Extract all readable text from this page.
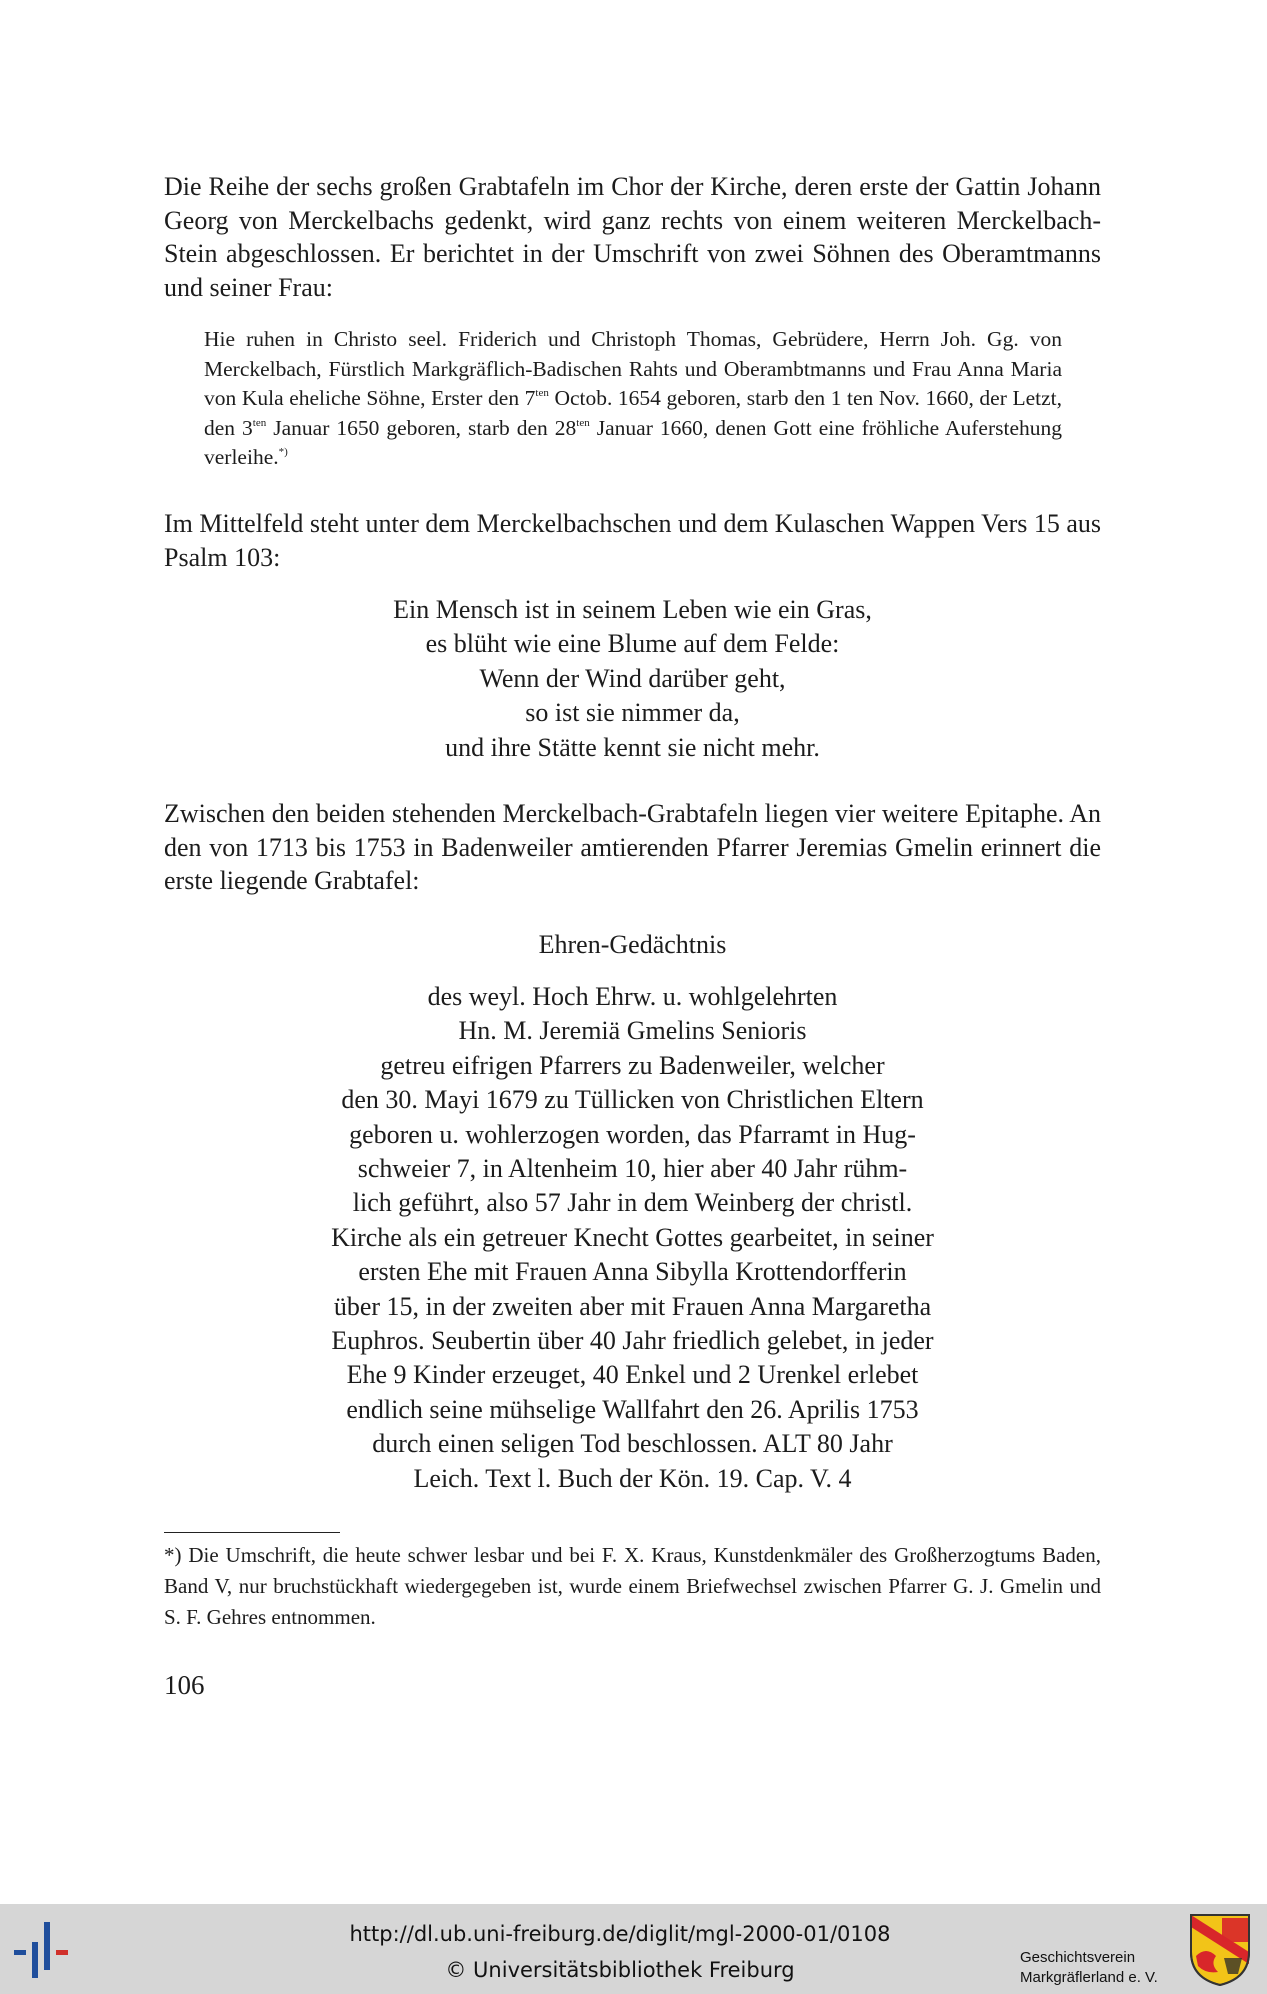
Die Reihe der sechs großen Grabtafeln im Chor der Kirche, deren erste der Gattin Johann Georg von Merckelbachs gedenkt, wird ganz rechts von einem weiteren Merckelbach-Stein abgeschlossen. Er berichtet in der Umschrift von zwei Söhnen des Oberamtmanns und seiner Frau:

Hie ruhen in Christo seel. Friderich und Christoph Thomas, Gebrüdere, Herrn Joh. Gg. von Merckelbach, Fürstlich Markgräflich-Badischen Rahts und Oberambtmanns und Frau Anna Maria von Kula eheliche Söhne, Erster den $7^{ten}$ Octob. 1654 geboren, starb den 1 ten Nov. 1660, der Letzt, den $3^{ten}$ Januar 1650 geboren, starb den $28^{ten}$ Januar 1660, denen Gott eine fröhliche Auferstehung verleihe.*)

Im Mittelfeld steht unter dem Merckelbachschen und dem Kulaschen Wappen Vers 15 aus Psalm 103:

Ein Mensch ist in seinem Leben wie ein Gras,
es blüht wie eine Blume auf dem Felde:
Wenn der Wind darüber geht,
so ist sie nimmer da,
und ihre Stätte kennt sie nicht mehr.

Zwischen den beiden stehenden Merckelbach-Grabtafeln liegen vier weitere Epitaphe. An den von 1713 bis 1753 in Badenweiler amtierenden Pfarrer Jeremias Gmelin erinnert die erste liegende Grabtafel:

Ehren-Gedächtnis
des weyl. Hoch Ehrw. u. wohlgelehrten
Hn. M. Jeremiä Gmelins Senioris
getreu eifrigen Pfarrers zu Badenweiler, welcher
den 30. Mayi 1679 zu Tüllicken von Christlichen Eltern
geboren u. wohlerzogen worden, das Pfarramt in Hug-
schweier 7, in Altenheim 10, hier aber 40 Jahr rühm-
lich geführt, also 57 Jahr in dem Weinberg der christl.
Kirche als ein getreuer Knecht Gottes gearbeitet, in seiner
ersten Ehe mit Frauen Anna Sibylla Krottendorfferin
über 15, in der zweiten aber mit Frauen Anna Margaretha
Euphros. Seubertin über 40 Jahr friedlich gelebet, in jeder
Ehe 9 Kinder erzeuget, 40 Enkel und 2 Urenkel erlebet
endlich seine mühselige Wallfahrt den 26. Aprilis 1753
durch einen seligen Tod beschlossen. ALT 80 Jahr
Leich. Text l. Buch der Kön. 19. Cap. V. 4

*) Die Umschrift, die heute schwer lesbar und bei F. X. Kraus, Kunstdenkmäler des Großherzogtums Baden, Band V, nur bruchstückhaft wiedergegeben ist, wurde einem Briefwechsel zwischen Pfarrer G. J. Gmelin und S. F. Gehres entnommen.

106

http://dl.ub.uni-freiburg.de/diglit/mgl-2000-01/0108
© Universitätsbibliothek Freiburg
Geschichtsverein
Markgräflerland e. V.
